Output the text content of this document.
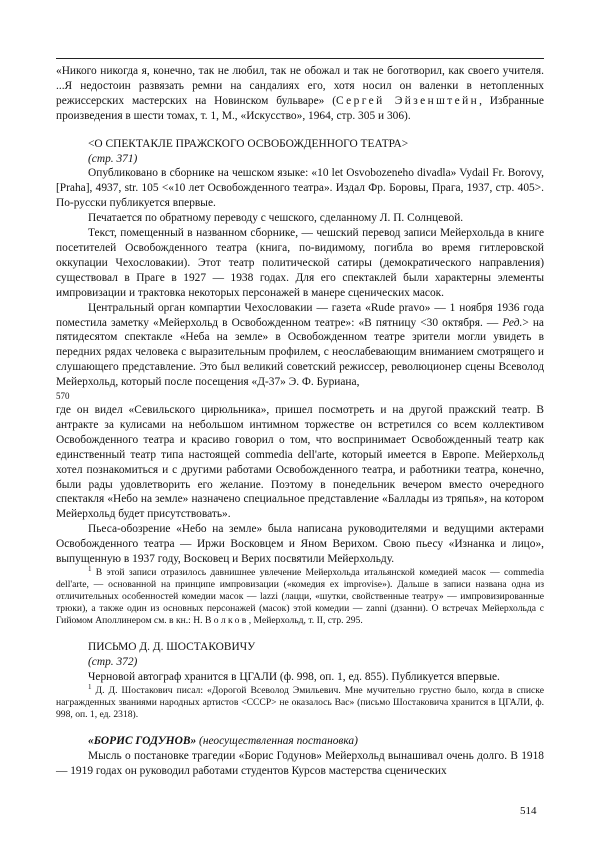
«Никого никогда я, конечно, так не любил, так не обожал и так не боготворил, как своего учителя. ...Я недостоин развязать ремни на сандалиях его, хотя носил он валенки в нетопленных режиссерских мастерских на Новинском бульваре» (Сергей Эйзенштейн, Избранные произведения в шести томах, т. 1, М., «Искусство», 1964, стр. 305 и 306).

<О СПЕКТАКЛЕ ПРАЖСКОГО ОСВОБОЖДЕННОГО ТЕАТРА>

(стр. 371)

Опубликовано в сборнике на чешском языке: «10 let Osvobozeneho divadla» Vydail Fr. Borovy, [Praha], 4937, str. 105 <«10 лет Освобожденного театра». Издал Фр. Боровы, Прага, 1937, стр. 405>. По-русски публикуется впервые.

Печатается по обратному переводу с чешского, сделанному Л. П. Солнцевой.

Текст, помещенный в названном сборнике, — чешский перевод записи Мейерхольда в книге посетителей Освобожденного театра (книга, по-видимому, погибла во время гитлеровской оккупации Чехословакии). Этот театр политической сатиры (демократического направления) существовал в Праге в 1927 — 1938 годах. Для его спектаклей были характерны элементы импровизации и трактовка некоторых персонажей в манере сценических масок.

Центральный орган компартии Чехословакии — газета «Rude pravo» — 1 ноября 1936 года поместила заметку «Мейерхольд в Освобожденном театре»: «В пятницу <30 октября. — Ред.> на пятидесятом спектакле «Неба на земле» в Освобожденном театре зрители могли увидеть в передних рядах человека с выразительным профилем, с неослабевающим вниманием смотрящего и слушающего представление. Это был великий советский режиссер, революционер сцены Всеволод Мейерхольд, который после посещения «Д-37» Э. Ф. Буриана,

570

где он видел «Севильского цирюльника», пришел посмотреть и на другой пражский театр. В антракте за кулисами на небольшом интимном торжестве он встретился со всем коллективом Освобожденного театра и красиво говорил о том, что воспринимает Освобожденный театр как единственный театр типа настоящей commedia dell'arte, который имеется в Европе. Мейерхольд хотел познакомиться и с другими работами Освобожденного театра, и работники театра, конечно, были рады удовлетворить его желание. Поэтому в понедельник вечером вместо очередного спектакля «Небо на земле» назначено специальное представление «Баллады из тряпья», на котором Мейерхольд будет присутствовать».

Пьеса-обозрение «Небо на земле» была написана руководителями и ведущими актерами Освобожденного театра — Иржи Восковцем и Яном Верихом. Свою пьесу «Изнанка и лицо», выпущенную в 1937 году, Восковец и Верих посвятили Мейерхольду.

$^1$ В этой записи отразилось давнишнее увлечение Мейерхольда итальянской комедией масок — commedia dell'arte, — основанной на принципе импровизации («комедия ex improvise»). Дальше в записи названа одна из отличительных особенностей комедии масок — lazzi (лацци, «шутки, свойственные театру» — импровизированные трюки), а также один из основных персонажей (масок) этой комедии — zanni (дзанни). О встречах Мейерхольда с Гийомом Аполлинером см. в кн.: Н. Волков, Мейерхольд, т. II, стр. 295.

ПИСЬМО Д. Д. ШОСТАКОВИЧУ

(стр. 372)

Черновой автограф хранится в ЦГАЛИ (ф. 998, оп. 1, ед. 855). Публикуется впервые.

$^1$ Д. Д. Шостакович писал: «Дорогой Всеволод Эмильевич. Мне мучительно грустно было, когда в списке награжденных званиями народных артистов <СССР> не оказалось Вас» (письмо Шостаковича хранится в ЦГАЛИ, ф. 998, оп. 1, ед. 2318).

«БОРИС ГОДУНОВ» (неосуществленная постановка)

Мысль о постановке трагедии «Борис Годунов» Мейерхольд вынашивал очень долго. В 1918 — 1919 годах он руководил работами студентов Курсов мастерства сценических

514
